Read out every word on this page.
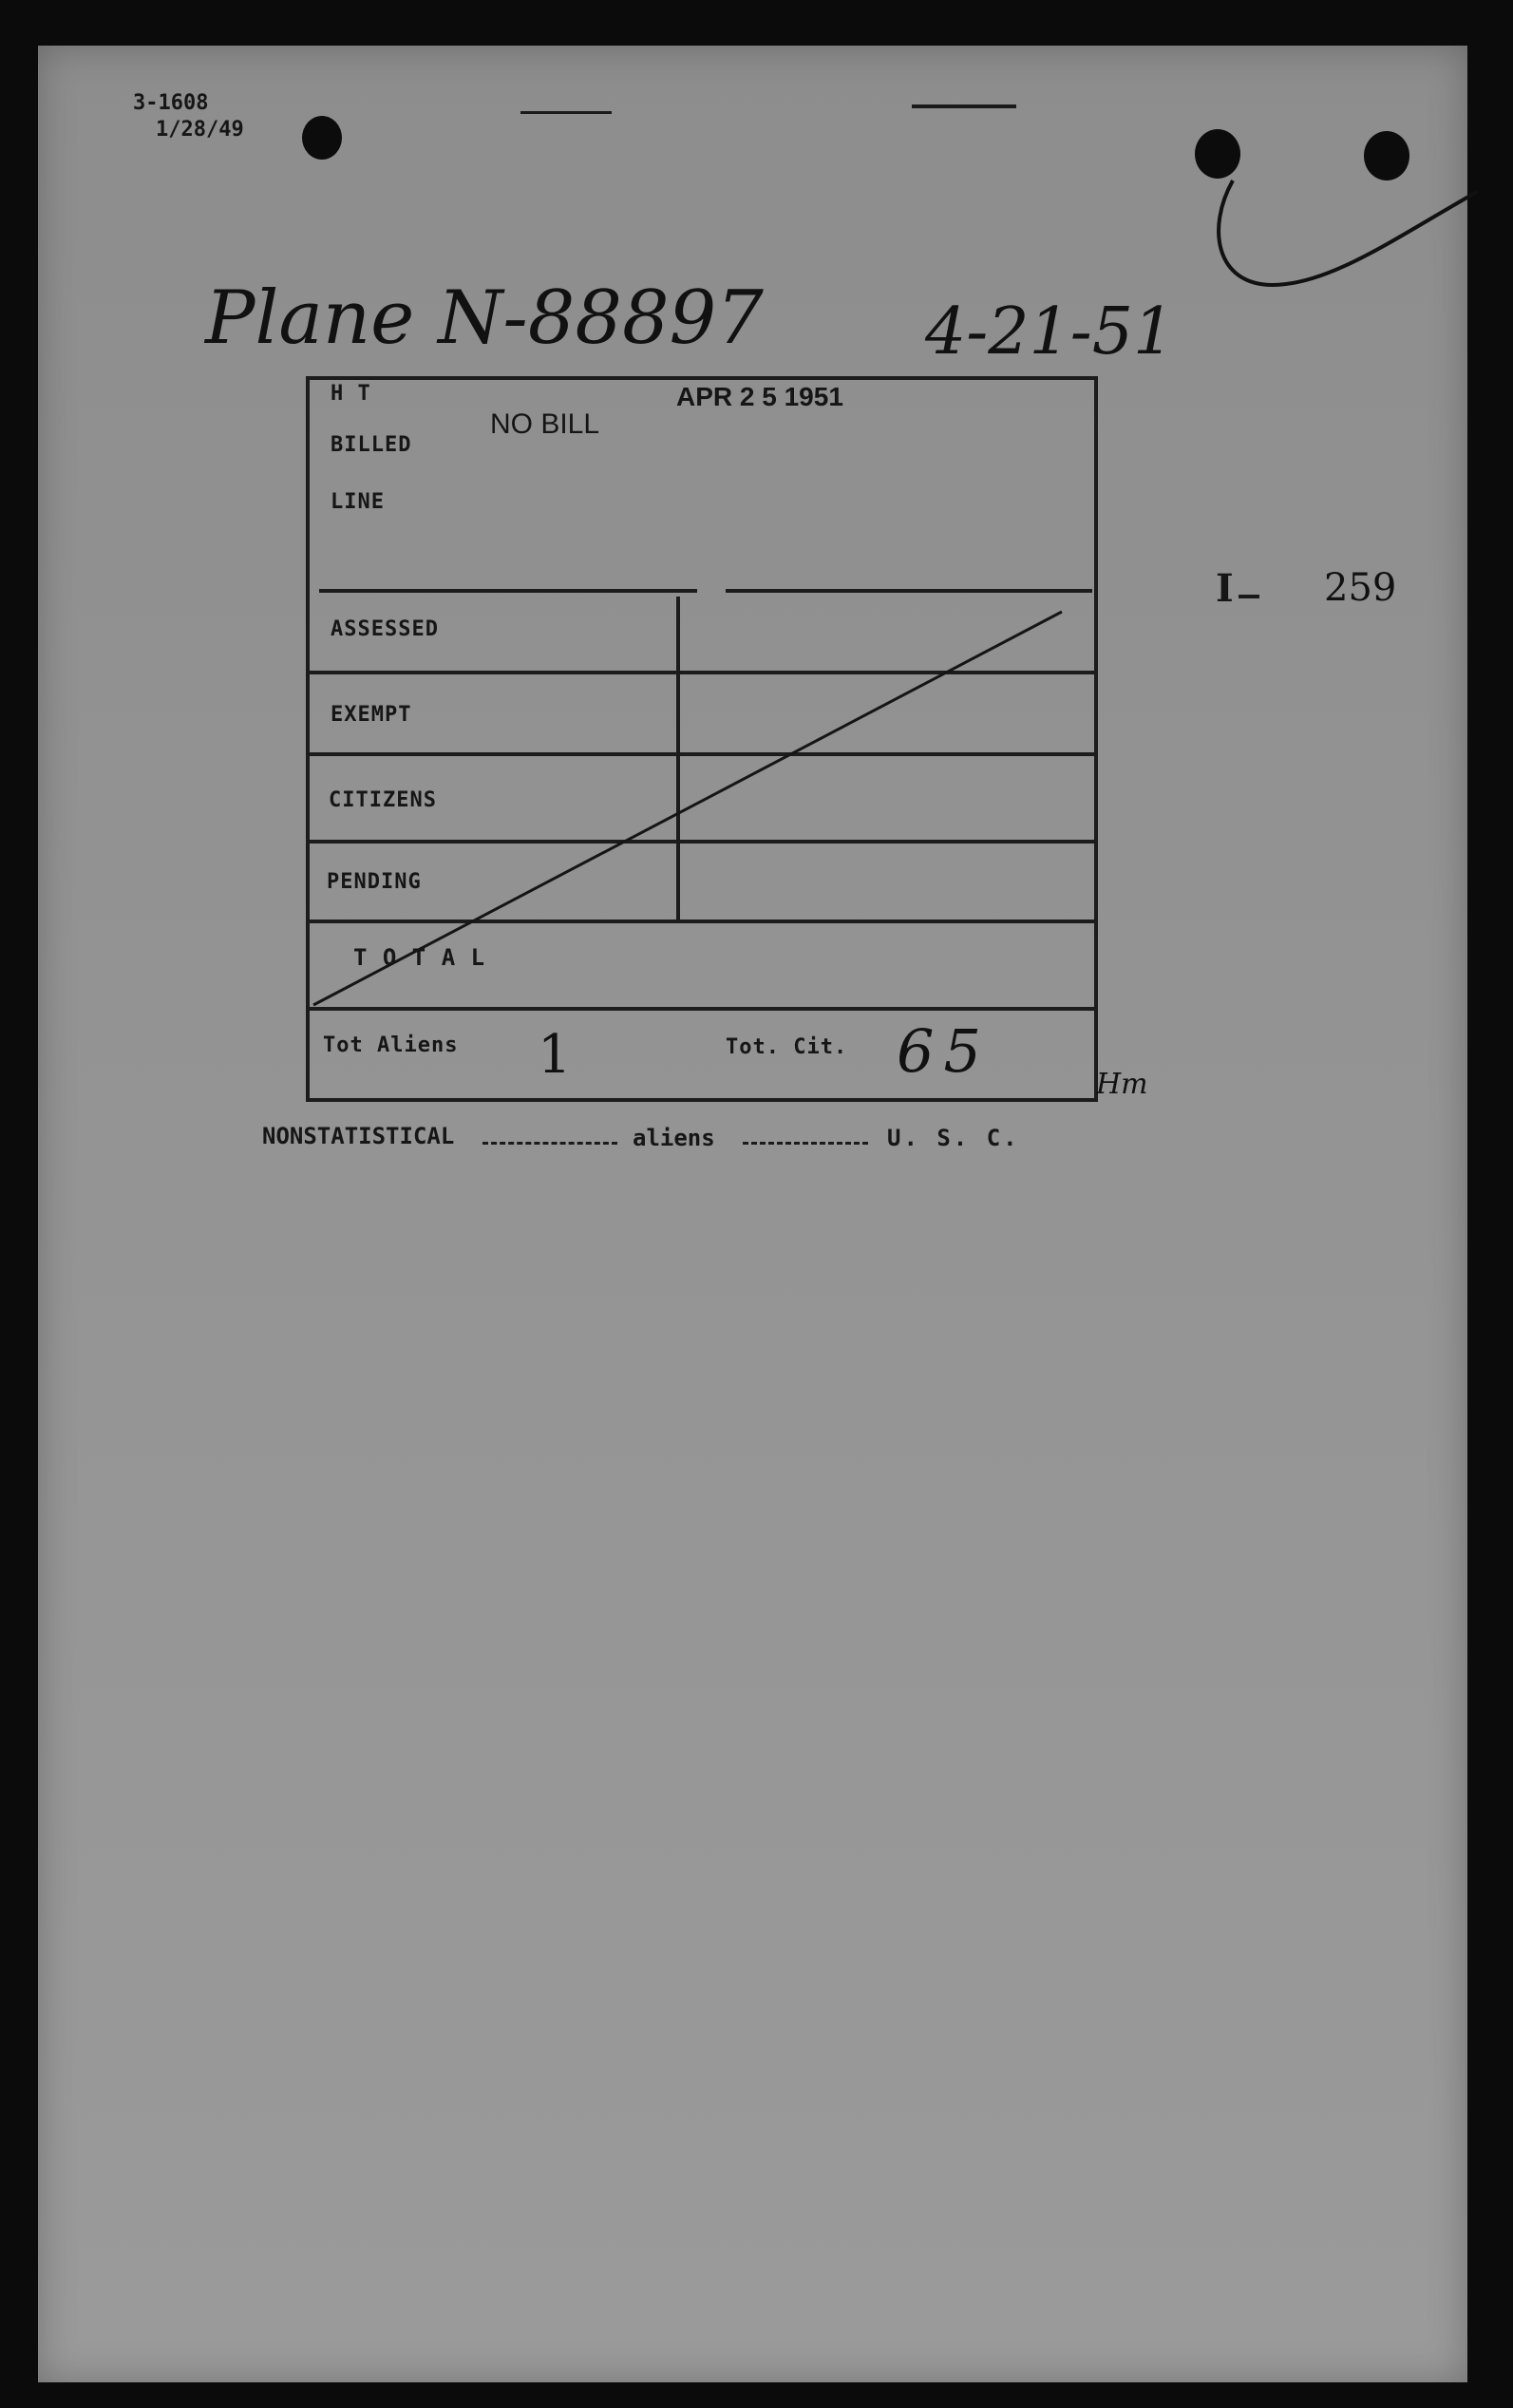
3-1608
1/28/49
Plane N-88897	4-21-51
H T
BILLED
LINE
NO BILL
APR 2 5 1951
ASSESSED
EXEMPT
CITIZENS
PENDING
T O T A L
Tot Aliens 1	Tot. Cit. 65	Hm
I 259
NONSTATISTICAL	aliens	U. S. C.
